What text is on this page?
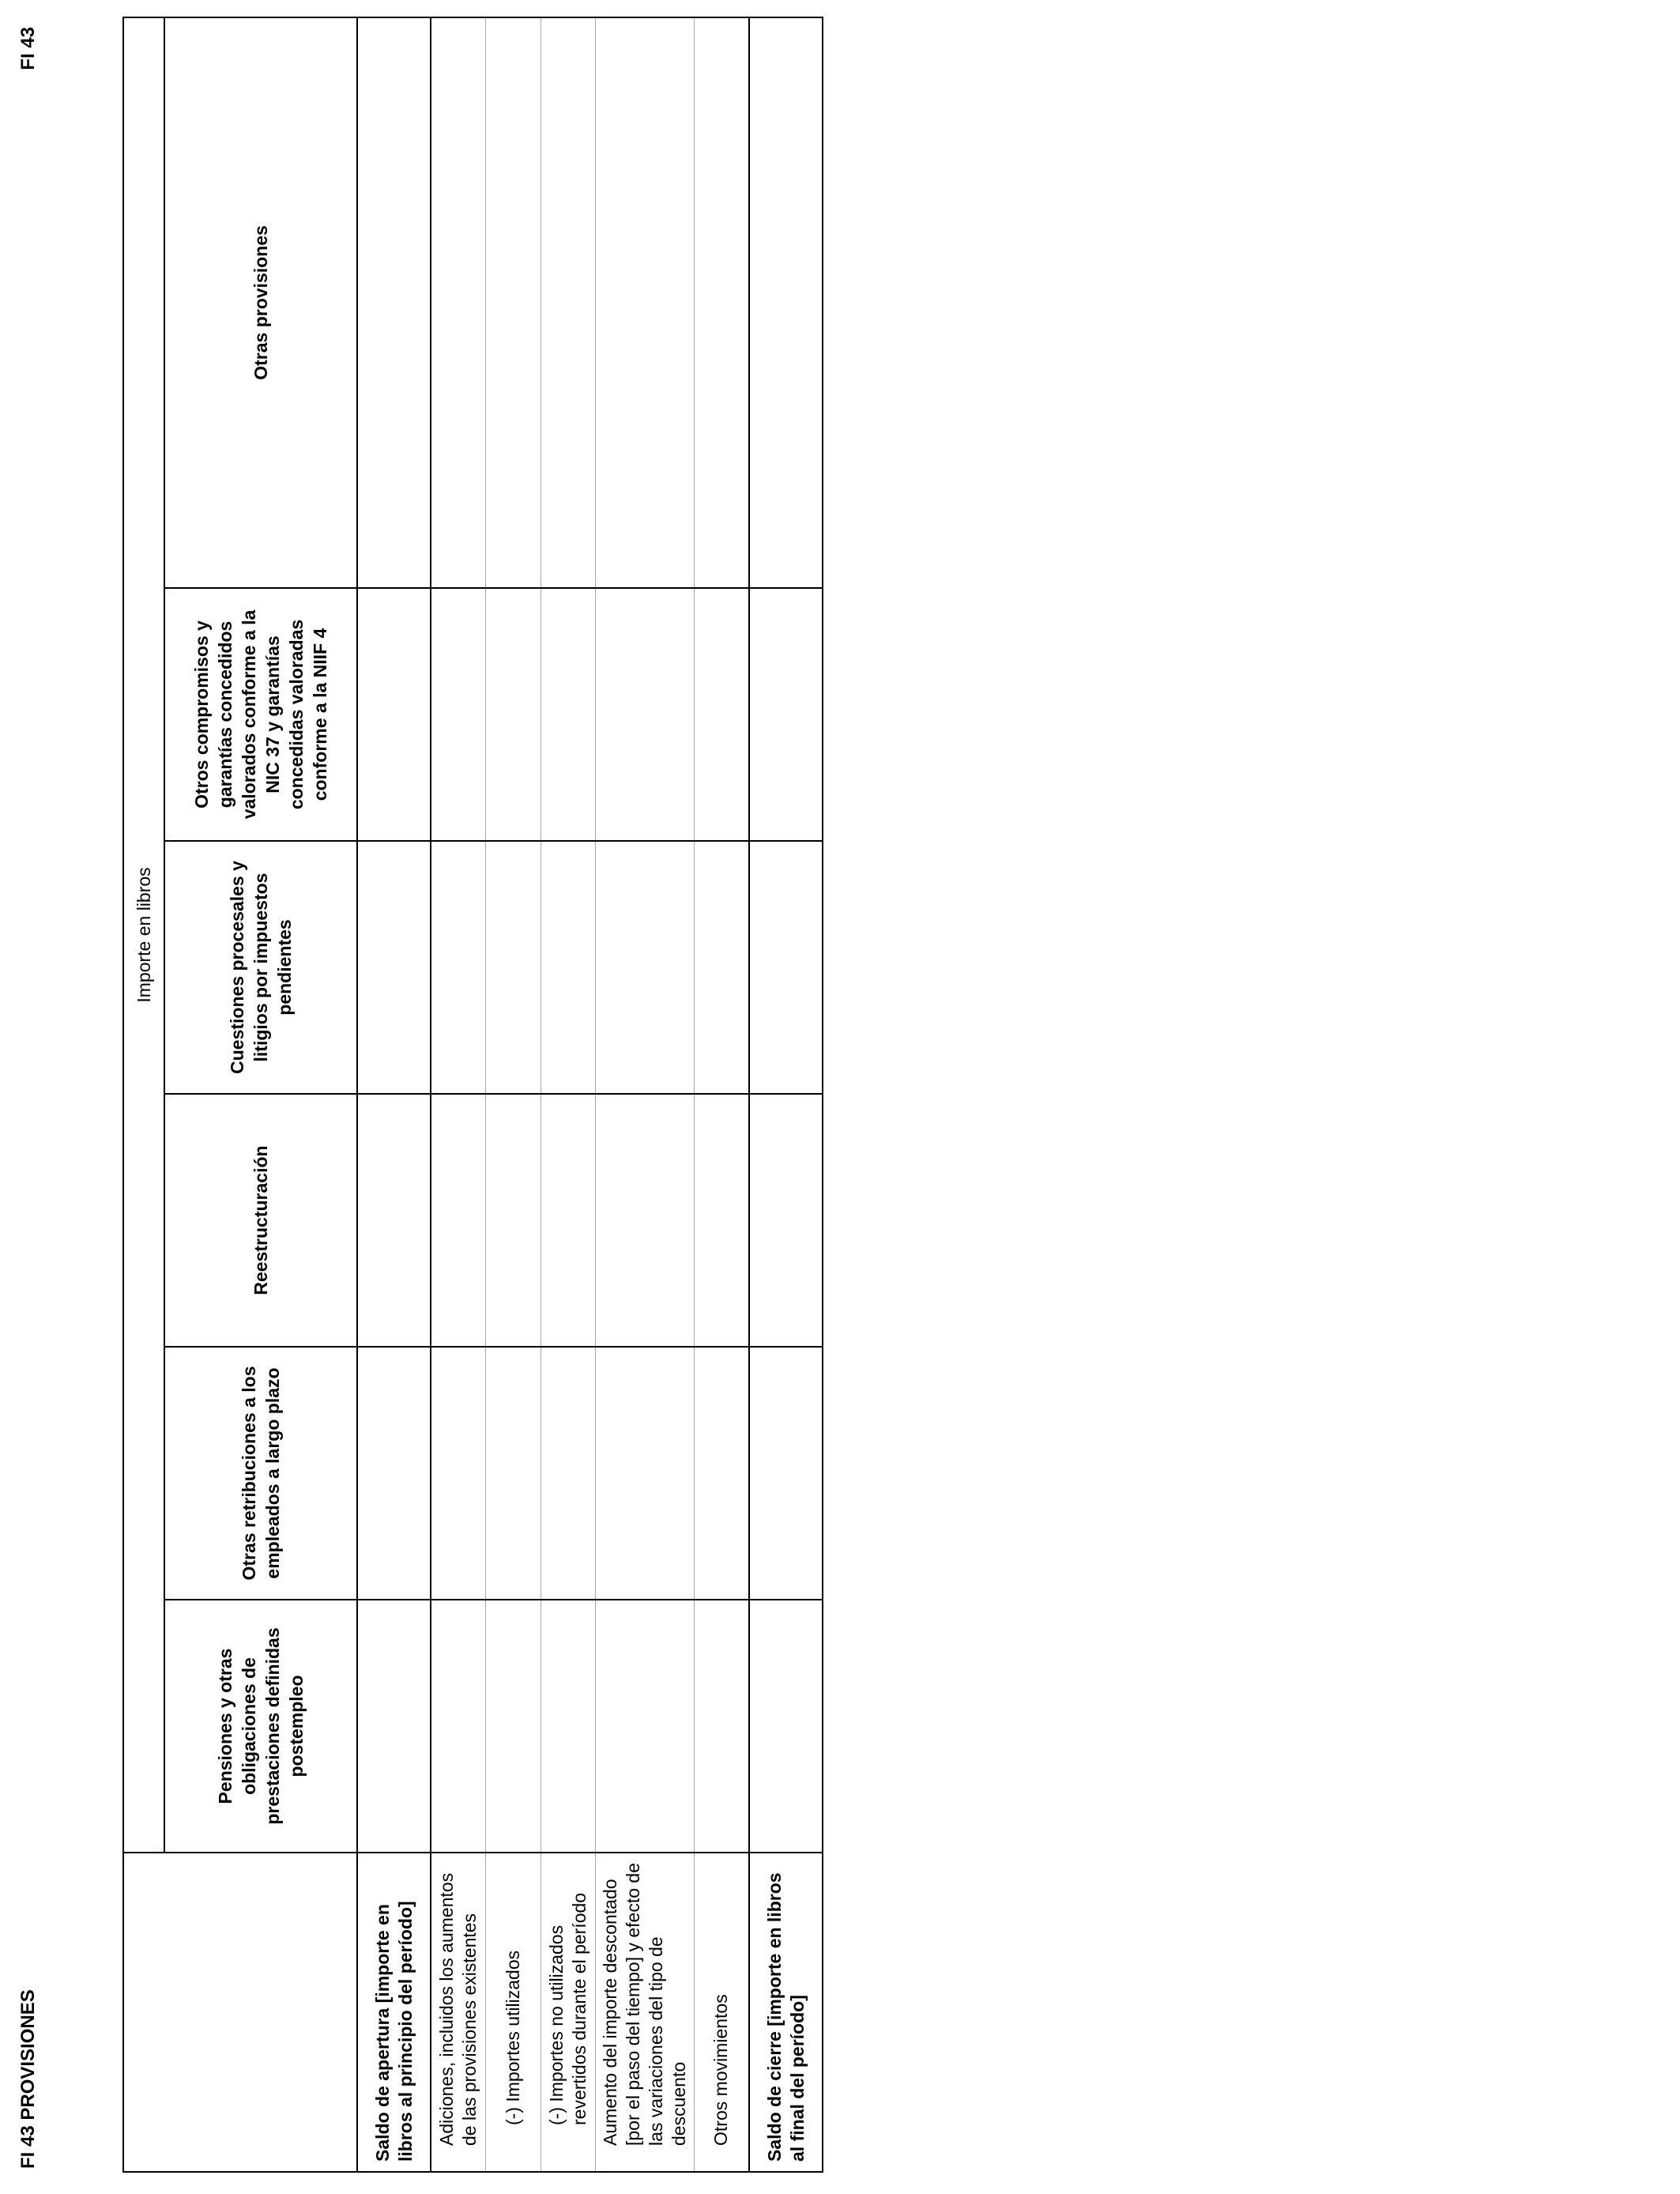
FI 43 PROVISIONES
FI 43
	Importe en libros					
	Pensiones y otras obligaciones de prestaciones definidas postempleo	Otras retribuciones a los empleados a largo plazo	Reestructuración	Cuestiones procesales y litigios por impuestos pendientes	Otros compromisos y garantías concedidos valorados conforme a la NIC 37 y garantías concedidas valoradas conforme a la NIIF 4	Otras provisiones
Saldo de apertura [importe en libros al principio del período]						
Adiciones, incluidos los aumentos de las provisiones existentes						
(-) Importes utilizados						
(-) Importes no utilizados revertidos durante el período						
Aumento del importe descontado [por el paso del tiempo] y efecto de las variaciones del tipo de descuento						
Otros movimientos						
Saldo de cierre [importe en libros al final del período]						
